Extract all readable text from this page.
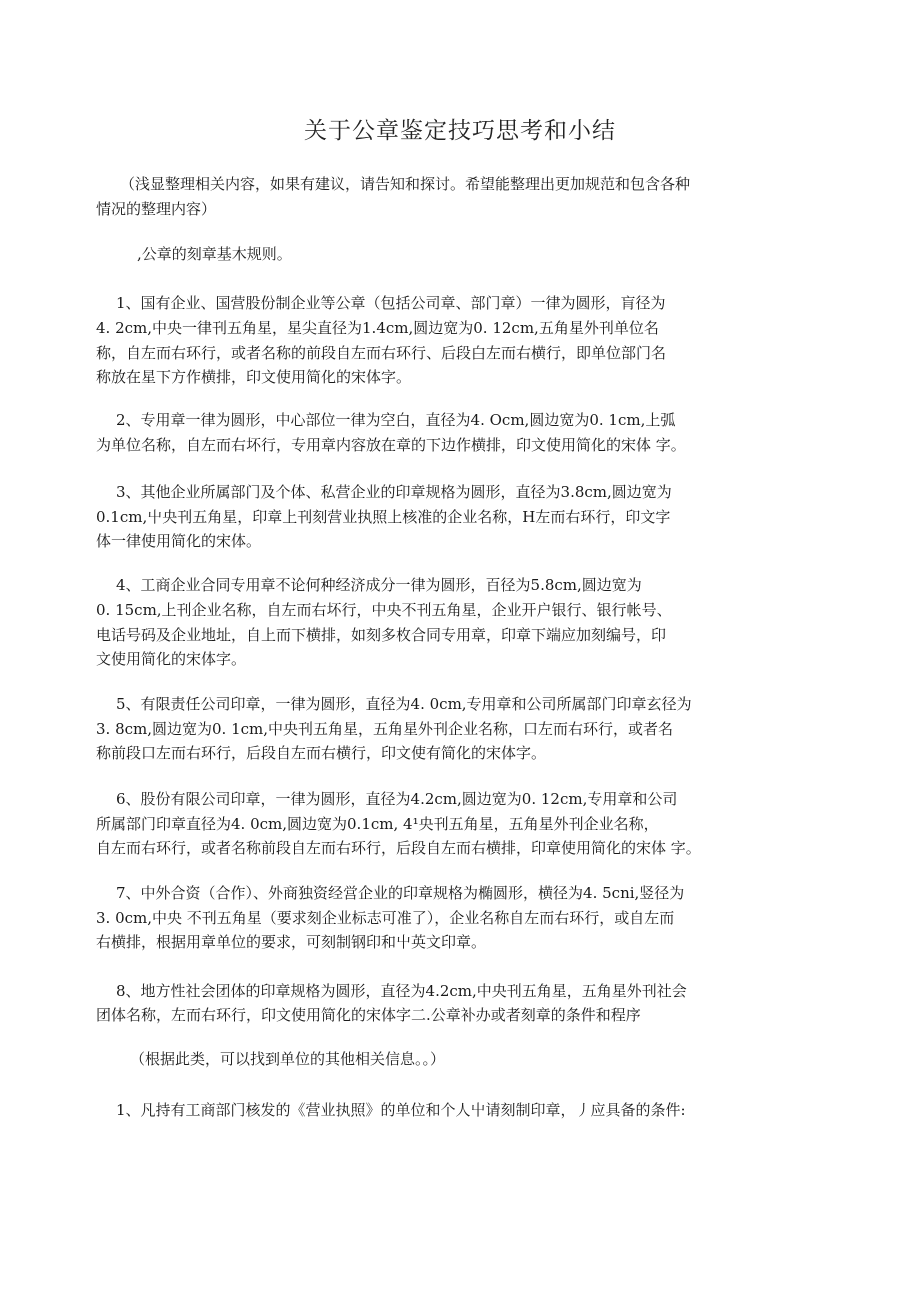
关于公章鉴定技巧思考和小结
（浅显整理相关内容，如果有建议，请告知和探讨。希望能整理出更加规范和包含各种
情况的整理内容）
,公章的刻章基木规则。
1、国有企业、国营股份制企业等公章（包括公司章、部门章）一律为圆形，肓径为
4. 2cm,中央一律刊五角星，星尖直径为1.4cm,圆边宽为0. 12cm,五角星外刊单位名
称，自左而右环行，或者名称的前段自左而右环行、后段白左而右横行，即单位部门名
称放在星下方作横排，印文使用简化的宋体字。
2、专用章一律为圆形，中心部位一律为空白，直径为4. Ocm,圆边宽为0. 1cm,上弧
为单位名称，自左而右坏行，专用章内容放在章的下边作横排，印文使用简化的宋体 字。
3、其他企业所属部门及个体、私营企业的印章规格为圆形，直径为3.8cm,圆边宽为
0.1cm,屮央刊五角星，印章上刊刻营业执照上核准的企业名称，H左而右环行，印文字
体一律使用简化的宋体。
4、工商企业合同专用章不论何种经济成分一律为圆形，百径为5.8cm,圆边宽为
0. 15cm,上刊企业名称，自左而右坏行，中央不刊五角星，企业开户银行、银行帐号、
电话号码及企业地址，自上而下横排，如刻多枚合同专用章，印章下端应加刻编号，印
文使用简化的宋体字。
5、有限责任公司印章，一律为圆形，直径为4. 0cm,专用章和公司所属部门印章玄径为
3. 8cm,圆边宽为0. 1cm,中央刊五角星，五角星外刊企业名称，口左而右环行，或者名
称前段口左而右环行，后段自左而右横行，印文使有简化的宋体字。
6、股份有限公司印章，一律为圆形，直径为4.2cm,圆边宽为0. 12cm,专用章和公司
所属部门印章直径为4. 0cm,圆边宽为0.1cm, 4¹央刊五角星，五角星外刊企业名称，
自左而右环行，或者名称前段自左而右环行，后段自左而右横排，印章使用简化的宋体 字。
7、中外合资（合作）、外商独资经営企业的印章规格为椭圆形，横径为4. 5cni,竖径为
3. 0cm,中央 不刊五角星（要求刻企业标志可准了），企业名称自左而右环行，或自左而
右横排，根据用章单位的要求，可刻制钢印和屮英文印章。
8、地方性社会团体的印章规格为圆形，直径为4.2cm,中央刊五角星，五角星外刊社会
团体名称，左而右环行，印文使用简化的宋体字二.公章补办或者刻章的条件和程序
（根据此类，可以找到单位的其他相关信息。。）
1、凡持有工商部门核发的《营业执照》的单位和个人屮请刻制印章，丿应具备的条件:
